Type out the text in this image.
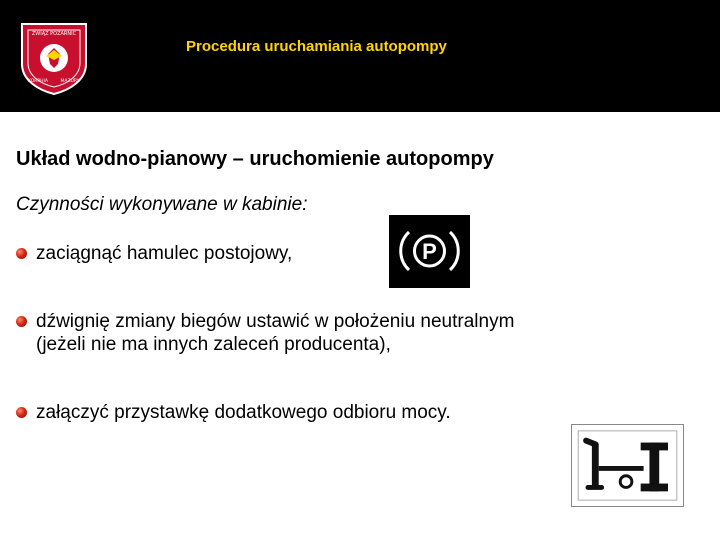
ZWIĄZ POŻARNIC
KORPHIA	MAZURY
Procedura uruchamiania autopompy
Układ wodno-pianowy – uruchomienie autopompy
Czynności wykonywane w kabinie:
zaciągnąć hamulec postojowy,
dźwignię zmiany biegów ustawić w położeniu neutralnym
(jeżeli nie ma innych zaleceń producenta),
załączyć przystawkę dodatkowego odbioru mocy.
P
